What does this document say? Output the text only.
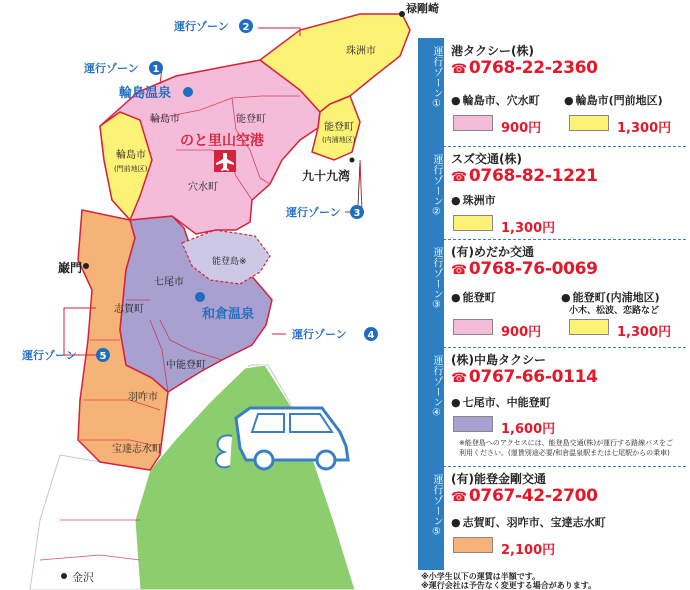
禄剛崎
珠洲市
輪島温泉
のと里山空港
輪島市	能登町
能登町
(内浦地区)
輪島市
(門前地区)
穴水町
九十九湾
能登島※
巌門
七尾市
和倉温泉
志賀町
中能登町
羽咋市
宝達志水町
金沢
運行ゾーン 2
運行ゾーン 1
運行ゾーン 3
運行ゾーン 4
運行ゾーン 5
運行ゾーン① 港タクシー(株)
☎ 0768-22-2360
● 輪島市、穴水町	● 輪島市(門前地区)
900円	1,300円
運行ゾーン② スズ交通(株)
☎ 0768-82-1221
● 珠洲市
1,300円
運行ゾーン③ (有)めだか交通
☎ 0768-76-0069
● 能登町	● 能登町(内浦地区)
小木、松波、恋路など
900円	1,300円
運行ゾーン④ (株)中島タクシー
☎ 0767-66-0114
● 七尾市、中能登町
1,600円
※能登島へのアクセスには、能登島交通(株)が運行する路線バスをご
利用ください。(運賃別途必要/和倉温泉駅または七尾駅からの乗車)
運行ゾーン⑤ (有)能登金剛交通
☎ 0767-42-2700
● 志賀町、羽咋市、宝達志水町
2,100円
※小学生以下の運賃は半額です。
※運行会社は予告なく変更する場合があります。
